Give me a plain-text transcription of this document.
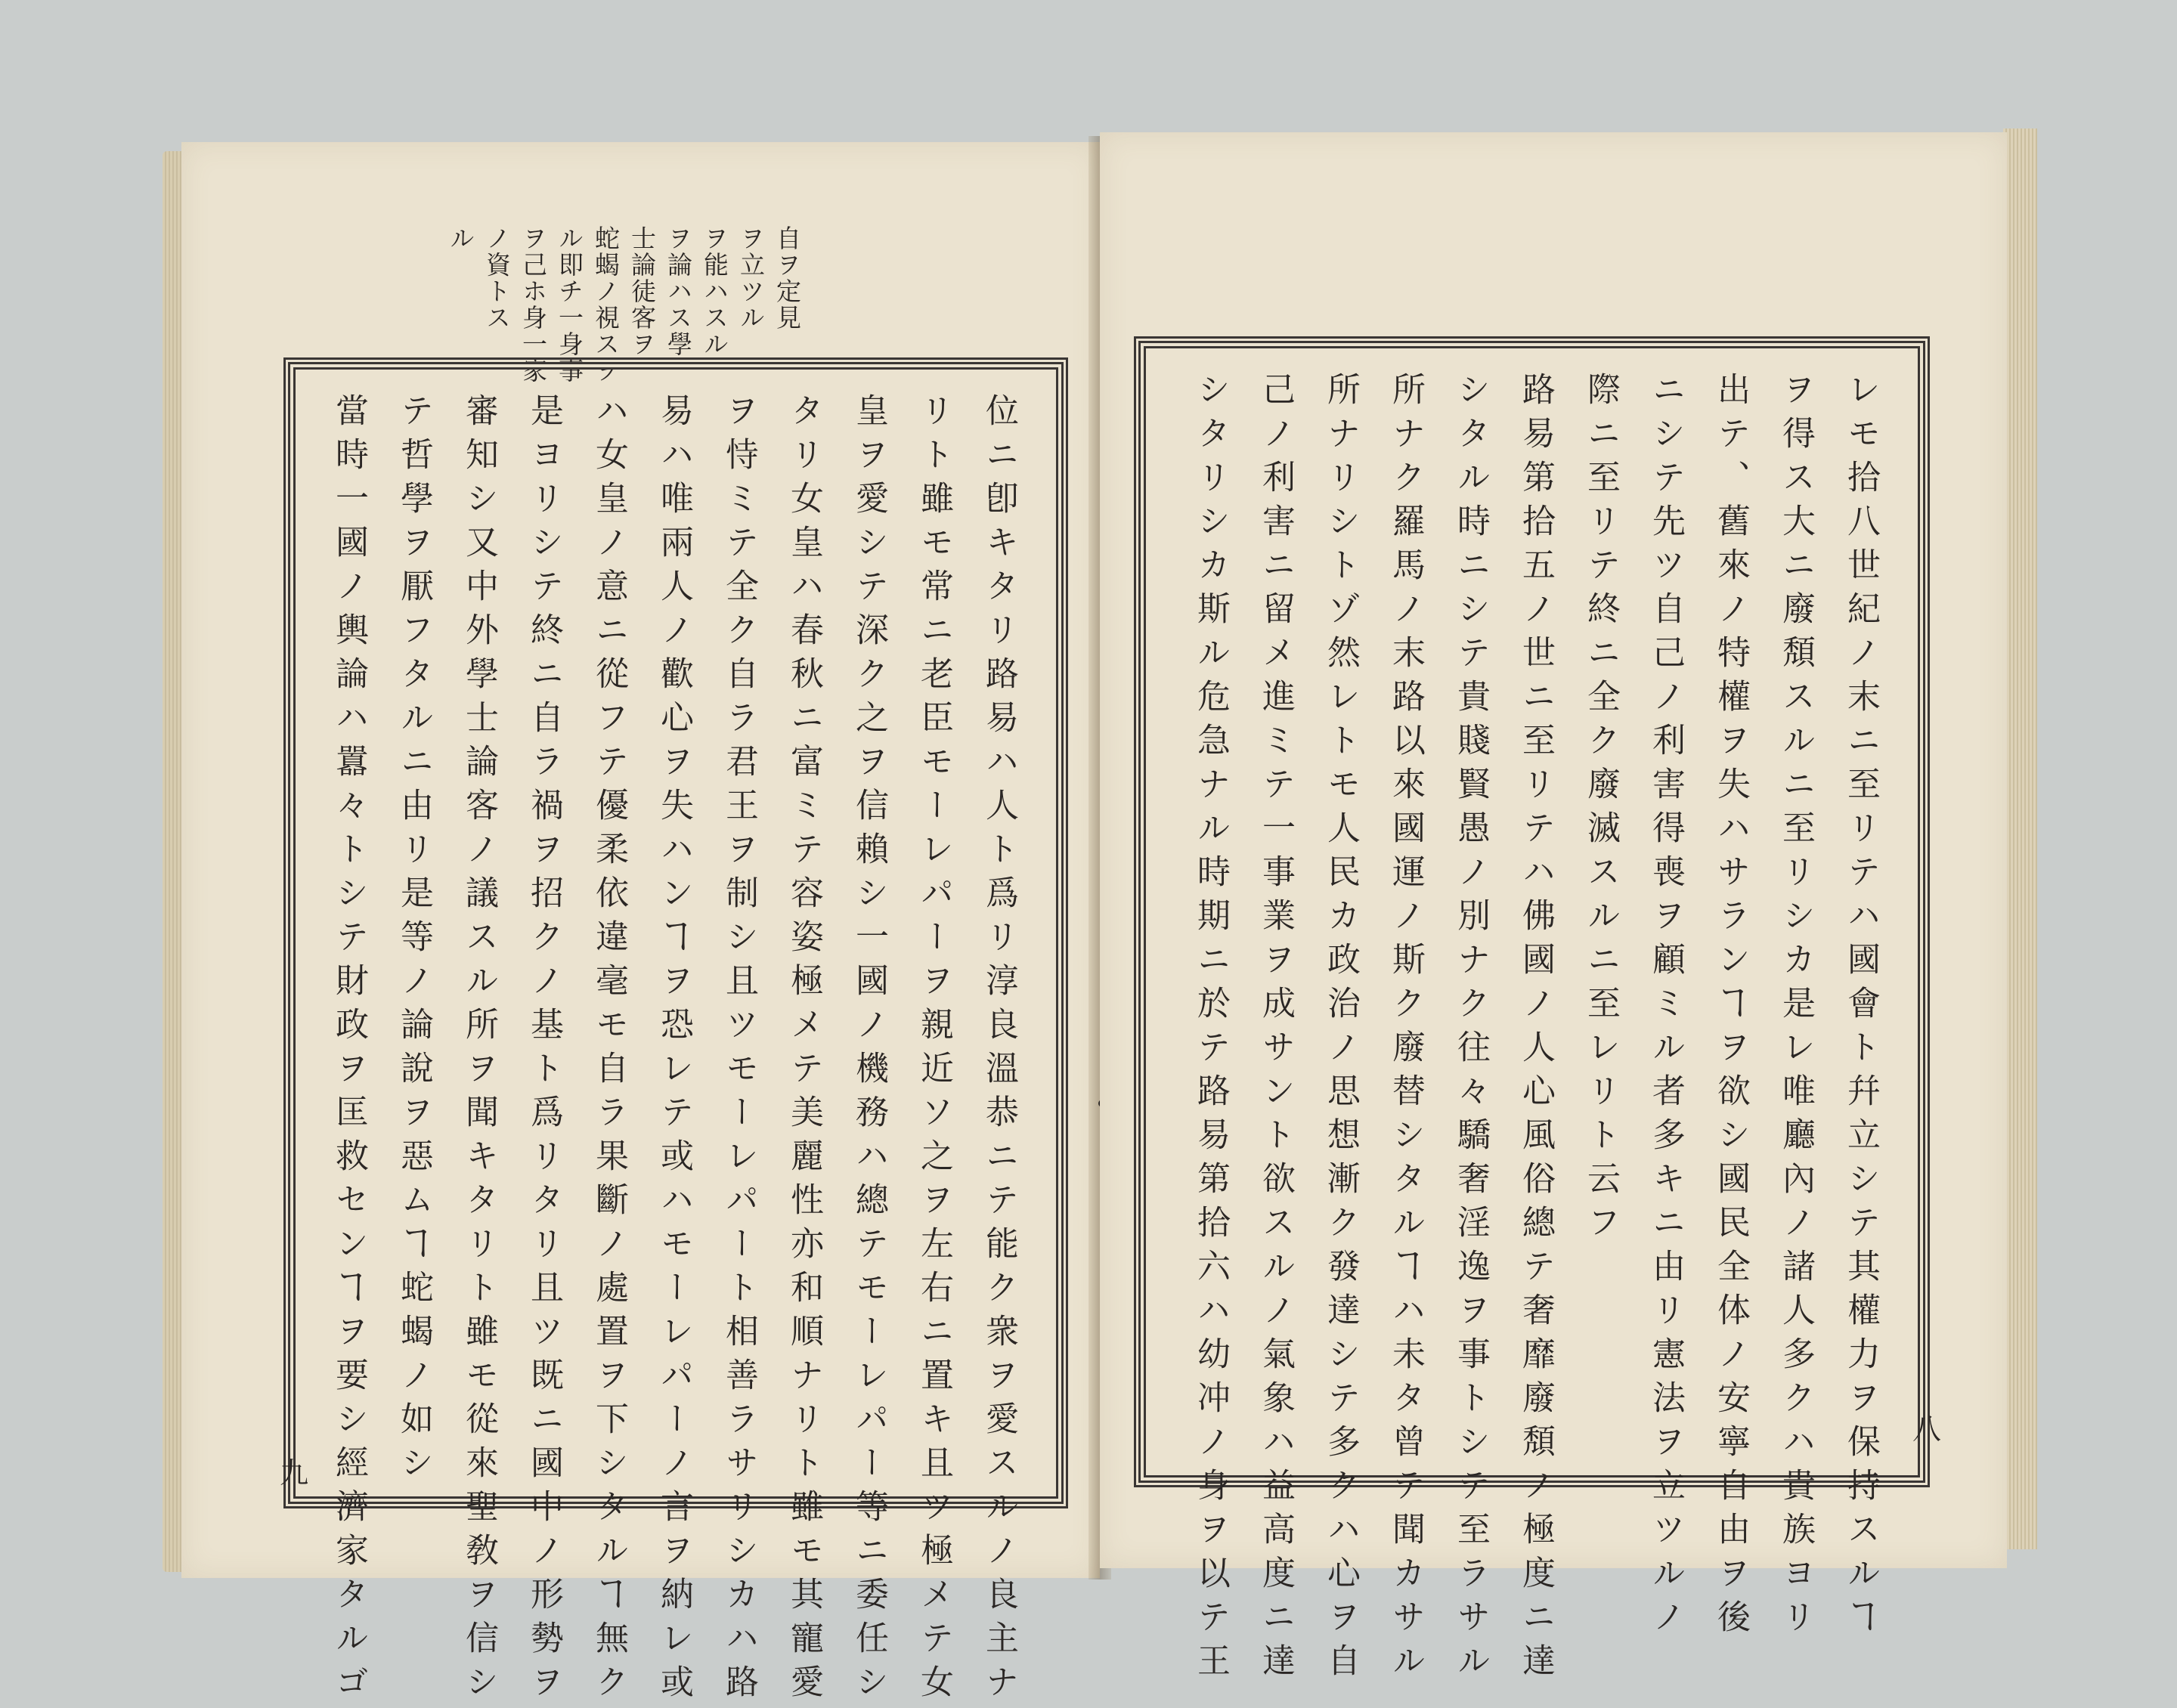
自ヲ定見
ヲ立ツル
ヲ能ハスル
ヲ論ハス學
士論徒客ヲ
蛇蝎ノ視スヲ
ル即チ一身事
ヲ己ホ身一家
ノ資トス
ル
位ニ卽キタリ路易ハ人ト爲リ淳良溫恭ニテ能ク衆ヲ愛スルノ良主ナ
リト雖モ常ニ老臣モーレパーヲ親近ソ之ヲ左右ニ置キ且ツ極メテ女
皇ヲ愛シテ深ク之ヲ信賴シ一國ノ機務ハ總テモーレパー等ニ委任シ
タリ女皇ハ春秋ニ富ミテ容姿極メテ美麗性亦和順ナリト雖モ其寵愛
ヲ恃ミテ全ク自ラ君王ヲ制シ且ツモーレパート相善ラサリシカハ路
易ハ唯兩人ノ歡心ヲ失ハンヿヲ恐レテ或ハモーレパーノ言ヲ納レ或
ハ女皇ノ意ニ從フテ優柔依違毫モ自ラ果斷ノ處置ヲ下シタルヿ無ク
是ヨリシテ終ニ自ラ禍ヲ招クノ基ト爲リタリ且ツ既ニ國中ノ形勢ヲ
審知シ又中外學士論客ノ議スル所ヲ聞キタリト雖モ從來聖敎ヲ信シ
テ哲學ヲ厭フタルニ由リ是等ノ論說ヲ惡ムヿ蛇蝎ノ如シ
當時一國ノ輿論ハ囂々トシテ財政ヲ匡救センヿヲ要シ經濟家タルゴ
九	レモ拾八世紀ノ末ニ至リテハ國會ト幷立シテ其權力ヲ保持スルヿ
ヲ得ス大ニ廢頽スルニ至リシカ是レ唯廳內ノ諸人多クハ貴族ヨリ
出テ、舊來ノ特權ヲ失ハサランヿヲ欲シ國民全体ノ安寧自由ヲ後
ニシテ先ツ自己ノ利害得喪ヲ顧ミル者多キニ由リ憲法ヲ立ツルノ
際ニ至リテ終ニ全ク廢滅スルニ至レリト云フ
路易第拾五ノ世ニ至リテハ佛國ノ人心風俗總テ奢靡廢頽ノ極度ニ達
シタル時ニシテ貴賤賢愚ノ別ナク往々驕奢淫逸ヲ事トシテ至ラサル
所ナク羅馬ノ末路以來國運ノ斯ク廢替シタルヿハ未タ曾テ聞カサル
所ナリシトゾ然レトモ人民カ政治ノ思想漸ク發達シテ多クハ心ヲ自
己ノ利害ニ留メ進ミテ一事業ヲ成サント欲スルノ氣象ハ益高度ニ達
シタリシカ斯ル危急ナル時期ニ於テ路易第拾六ハ幼冲ノ身ヲ以テ王	八
